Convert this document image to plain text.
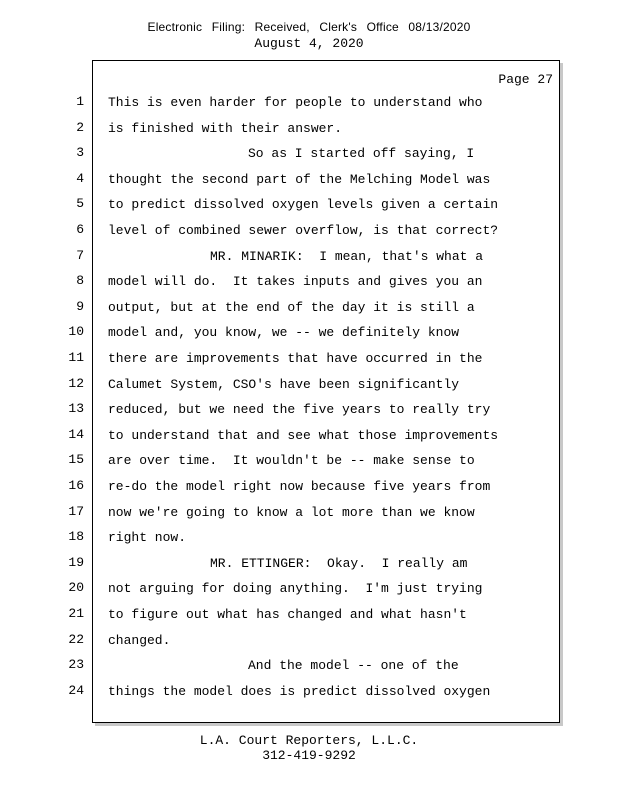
Electronic Filing: Received, Clerk's Office 08/13/2020
August 4, 2020
1
2
3
4
5
6
7
8
9
10
11
12
13
14
15
16
17
18
19
20
21
22
23
24
Page 27
This is even harder for people to understand who
is finished with their answer.
So as I started off saying, I
thought the second part of the Melching Model was
to predict dissolved oxygen levels given a certain
level of combined sewer overflow, is that correct?
MR. MINARIK:  I mean, that's what a
model will do.  It takes inputs and gives you an
output, but at the end of the day it is still a
model and, you know, we -- we definitely know
there are improvements that have occurred in the
Calumet System, CSO's have been significantly
reduced, but we need the five years to really try
to understand that and see what those improvements
are over time.  It wouldn't be -- make sense to
re-do the model right now because five years from
now we're going to know a lot more than we know
right now.
MR. ETTINGER:  Okay.  I really am
not arguing for doing anything.  I'm just trying
to figure out what has changed and what hasn't
changed.
And the model -- one of the
things the model does is predict dissolved oxygen
L.A. Court Reporters, L.L.C.
312-419-9292
